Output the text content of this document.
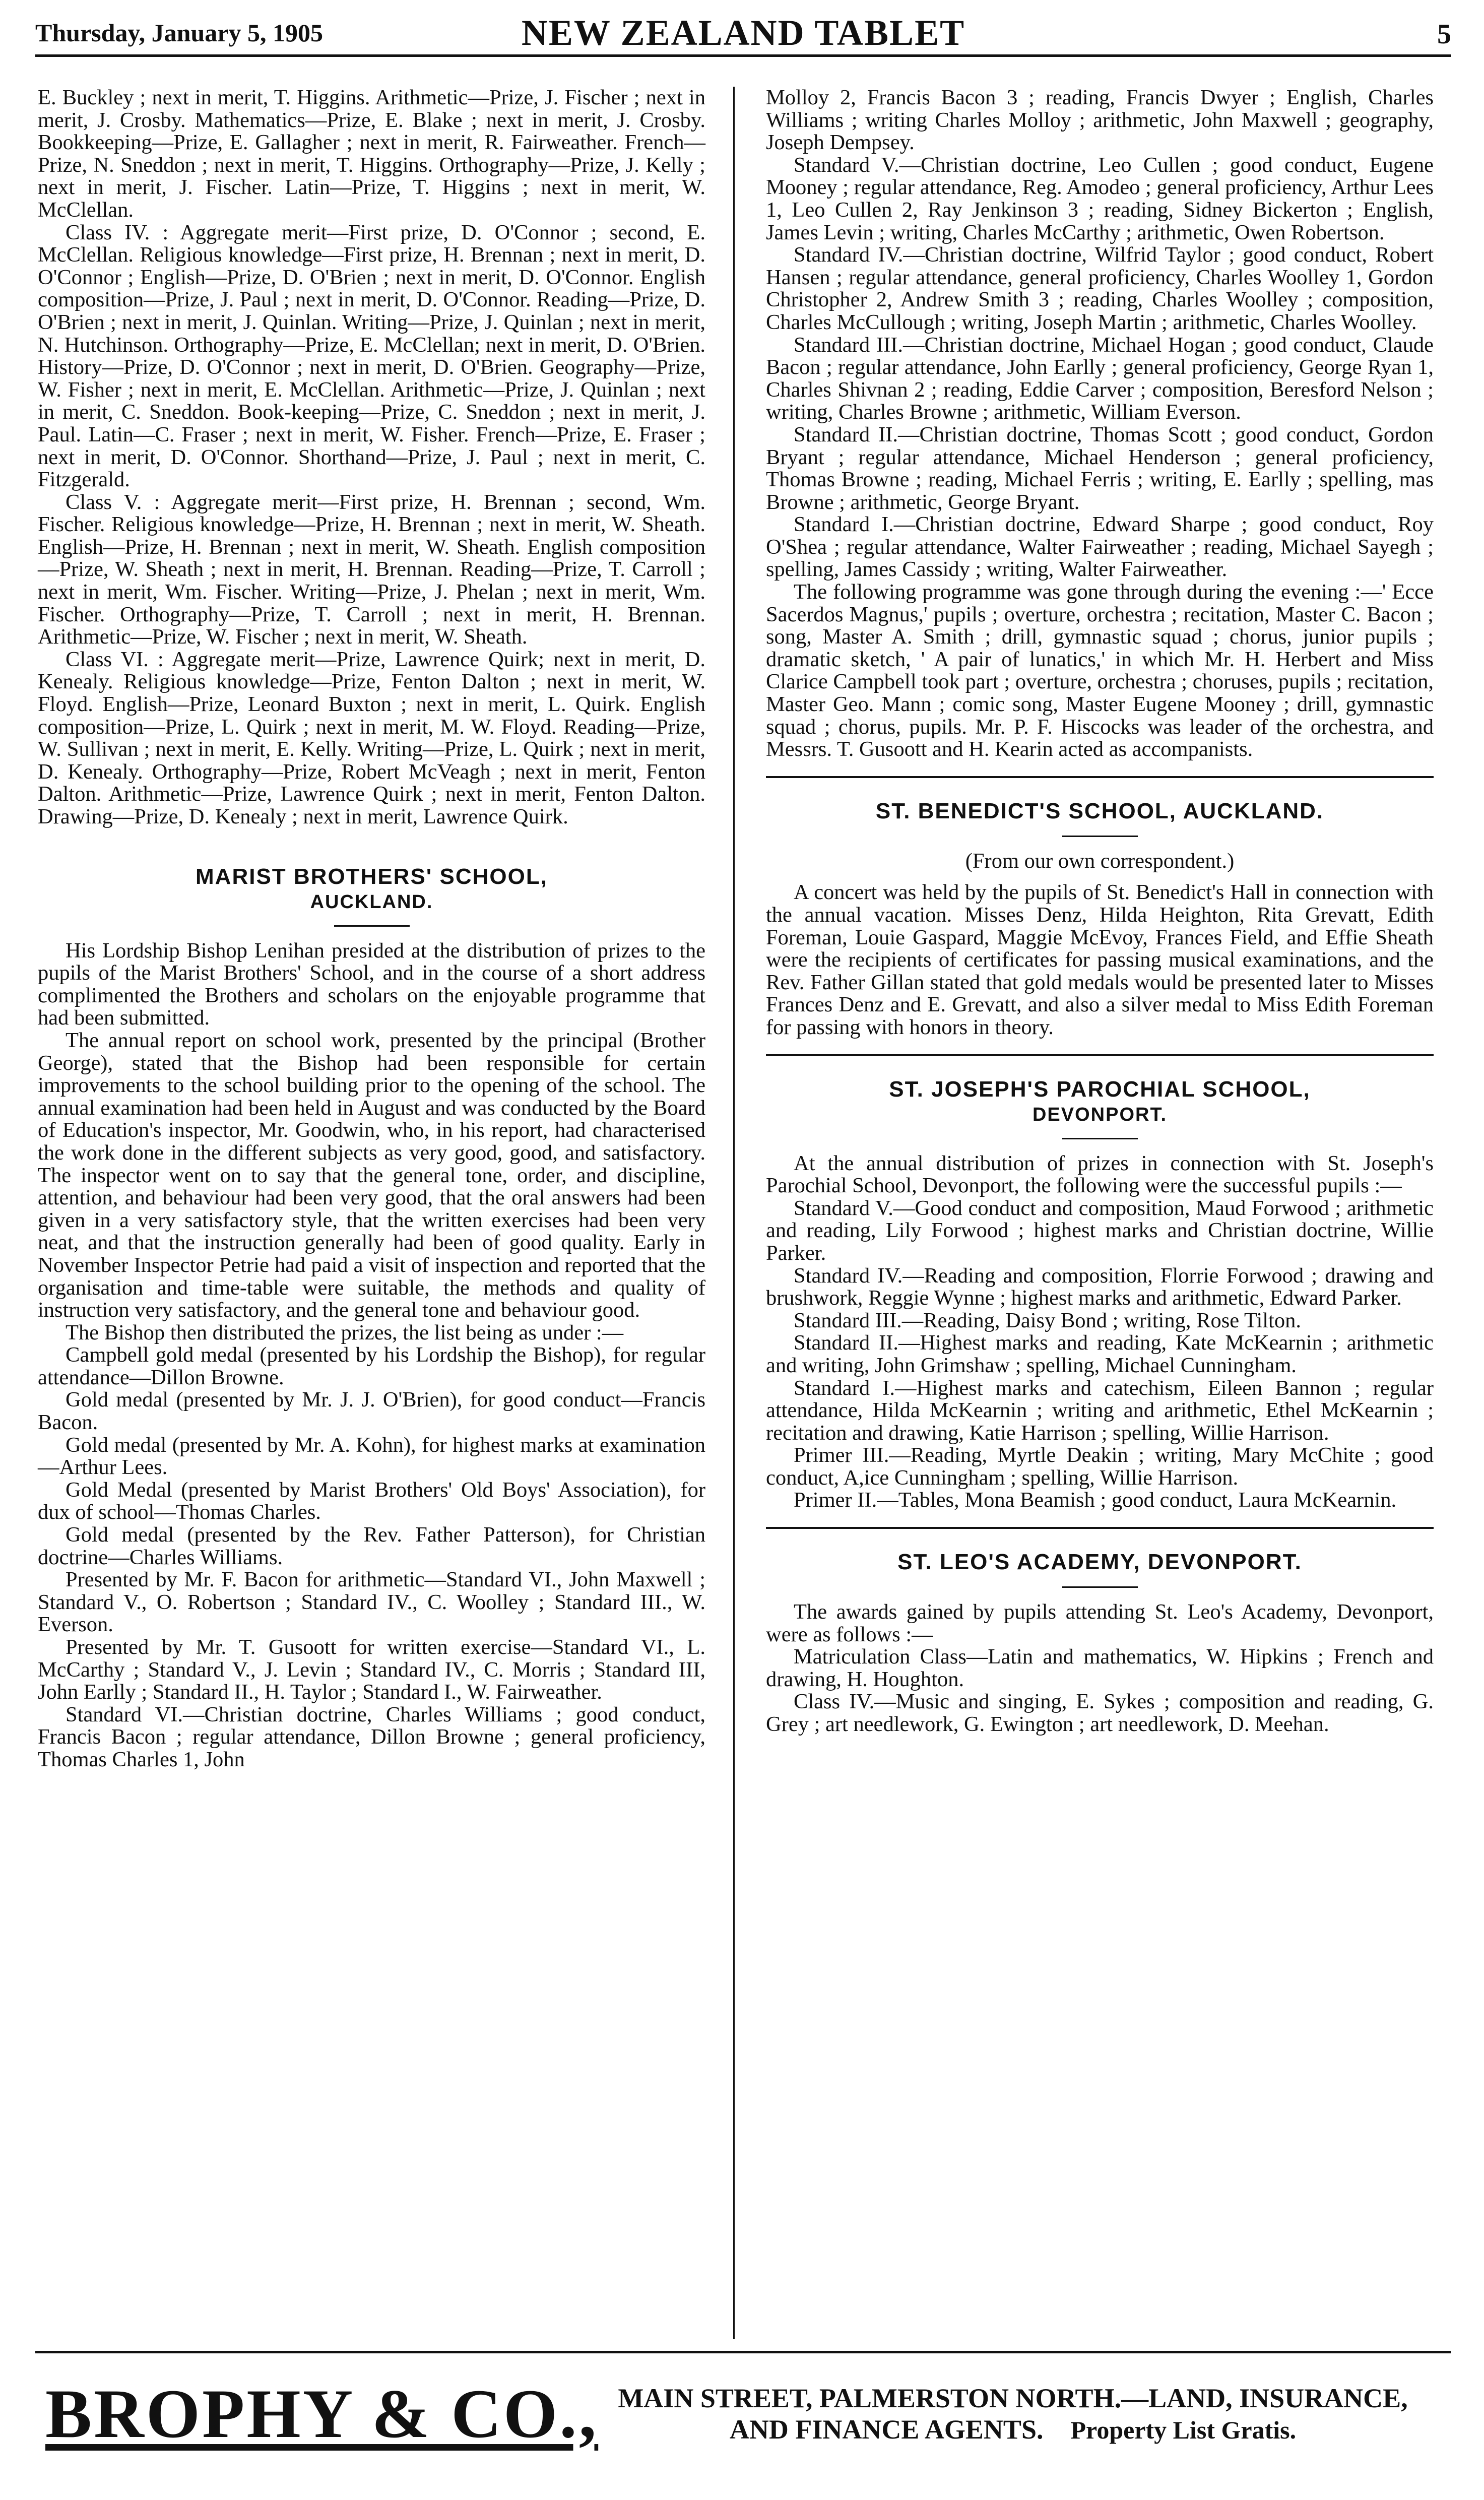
Thursday, January 5, 1905	NEW ZEALAND TABLET	5

E. Buckley ; next in merit, T. Higgins. Arithmetic—Prize, J. Fischer ; next in merit, J. Crosby. Mathematics—Prize, E. Blake ; next in merit, J. Crosby. Bookkeeping—Prize, E. Gallagher ; next in merit, R. Fairweather. French—Prize, N. Sneddon ; next in merit, T. Higgins. Orthography—Prize, J. Kelly ; next in merit, J. Fischer. Latin—Prize, T. Higgins ; next in merit, W. McClellan.

Class IV. : Aggregate merit—First prize, D. O'Connor ; second, E. McClellan. Religious knowledge—First prize, H. Brennan ; next in merit, D. O'Connor ; English—Prize, D. O'Brien ; next in merit, D. O'Connor. English composition—Prize, J. Paul ; next in merit, D. O'Connor. Reading—Prize, D. O'Brien ; next in merit, J. Quinlan. Writing—Prize, J. Quinlan ; next in merit, N. Hutchinson. Orthography—Prize, E. McClellan; next in merit, D. O'Brien. History—Prize, D. O'Connor ; next in merit, D. O'Brien. Geography—Prize, W. Fisher ; next in merit, E. McClellan. Arithmetic—Prize, J. Quinlan ; next in merit, C. Sneddon. Book-keeping—Prize, C. Sneddon ; next in merit, J. Paul. Latin—C. Fraser ; next in merit, W. Fisher. French—Prize, E. Fraser ; next in merit, D. O'Connor. Shorthand—Prize, J. Paul ; next in merit, C. Fitzgerald.

Class V. : Aggregate merit—First prize, H. Brennan ; second, Wm. Fischer. Religious knowledge—Prize, H. Brennan ; next in merit, W. Sheath. English—Prize, H. Brennan ; next in merit, W. Sheath. English composition—Prize, W. Sheath ; next in merit, H. Brennan. Reading—Prize, T. Carroll ; next in merit, Wm. Fischer. Writing—Prize, J. Phelan ; next in merit, Wm. Fischer. Orthography—Prize, T. Carroll ; next in merit, H. Brennan. Arithmetic—Prize, W. Fischer ; next in merit, W. Sheath.

Class VI. : Aggregate merit—Prize, Lawrence Quirk; next in merit, D. Kenealy. Religious knowledge—Prize, Fenton Dalton ; next in merit, W. Floyd. English—Prize, Leonard Buxton ; next in merit, L. Quirk. English composition—Prize, L. Quirk ; next in merit, M. W. Floyd. Reading—Prize, W. Sullivan ; next in merit, E. Kelly. Writing—Prize, L. Quirk ; next in merit, D. Kenealy. Orthography—Prize, Robert McVeagh ; next in merit, Fenton Dalton. Arithmetic—Prize, Lawrence Quirk ; next in merit, Fenton Dalton. Drawing—Prize, D. Kenealy ; next in merit, Lawrence Quirk.

MARIST BROTHERS' SCHOOL,
AUCKLAND.

His Lordship Bishop Lenihan presided at the distribution of prizes to the pupils of the Marist Brothers' School, and in the course of a short address complimented the Brothers and scholars on the enjoyable programme that had been submitted.

The annual report on school work, presented by the principal (Brother George), stated that the Bishop had been responsible for certain improvements to the school building prior to the opening of the school. The annual examination had been held in August and was conducted by the Board of Education's inspector, Mr. Goodwin, who, in his report, had characterised the work done in the different subjects as very good, good, and satisfactory. The inspector went on to say that the general tone, order, and discipline, attention, and behaviour had been very good, that the oral answers had been given in a very satisfactory style, that the written exercises had been very neat, and that the instruction generally had been of good quality. Early in November Inspector Petrie had paid a visit of inspection and reported that the organisation and time-table were suitable, the methods and quality of instruction very satisfactory, and the general tone and behaviour good.

The Bishop then distributed the prizes, the list being as under :—

Campbell gold medal (presented by his Lordship the Bishop), for regular attendance—Dillon Browne.

Gold medal (presented by Mr. J. J. O'Brien), for good conduct—Francis Bacon.

Gold medal (presented by Mr. A. Kohn), for highest marks at examination—Arthur Lees.

Gold Medal (presented by Marist Brothers' Old Boys' Association), for dux of school—Thomas Charles.

Gold medal (presented by the Rev. Father Patterson), for Christian doctrine—Charles Williams.

Presented by Mr. F. Bacon for arithmetic—Standard VI., John Maxwell ; Standard V., O. Robertson ; Standard IV., C. Woolley ; Standard III., W. Everson.

Presented by Mr. T. Gusoott for written exercise—Standard VI., L. McCarthy ; Standard V., J. Levin ; Standard IV., C. Morris ; Standard III, John Earlly ; Standard II., H. Taylor ; Standard I., W. Fairweather.

Standard VI.—Christian doctrine, Charles Williams ; good conduct, Francis Bacon ; regular attendance, Dillon Browne ; general proficiency, Thomas Charles 1, John

Molloy 2, Francis Bacon 3 ; reading, Francis Dwyer ; English, Charles Williams ; writing Charles Molloy ; arithmetic, John Maxwell ; geography, Joseph Dempsey.

Standard V.—Christian doctrine, Leo Cullen ; good conduct, Eugene Mooney ; regular attendance, Reg. Amodeo ; general proficiency, Arthur Lees 1, Leo Cullen 2, Ray Jenkinson 3 ; reading, Sidney Bickerton ; English, James Levin ; writing, Charles McCarthy ; arithmetic, Owen Robertson.

Standard IV.—Christian doctrine, Wilfrid Taylor ; good conduct, Robert Hansen ; regular attendance, general proficiency, Charles Woolley 1, Gordon Christopher 2, Andrew Smith 3 ; reading, Charles Woolley ; composition, Charles McCullough ; writing, Joseph Martin ; arithmetic, Charles Woolley.

Standard III.—Christian doctrine, Michael Hogan ; good conduct, Claude Bacon ; regular attendance, John Earlly ; general proficiency, George Ryan 1, Charles Shivnan 2 ; reading, Eddie Carver ; composition, Beresford Nelson ; writing, Charles Browne ; arithmetic, William Everson.

Standard II.—Christian doctrine, Thomas Scott ; good conduct, Gordon Bryant ; regular attendance, Michael Henderson ; general proficiency, Thomas Browne ; reading, Michael Ferris ; writing, E. Earlly ; spelling, mas Browne ; arithmetic, George Bryant.

Standard I.—Christian doctrine, Edward Sharpe ; good conduct, Roy O'Shea ; regular attendance, Walter Fairweather ; reading, Michael Sayegh ; spelling, James Cassidy ; writing, Walter Fairweather.

The following programme was gone through during the evening :—' Ecce Sacerdos Magnus,' pupils ; overture, orchestra ; recitation, Master C. Bacon ; song, Master A. Smith ; drill, gymnastic squad ; chorus, junior pupils ; dramatic sketch, ' A pair of lunatics,' in which Mr. H. Herbert and Miss Clarice Campbell took part ; overture, orchestra ; choruses, pupils ; recitation, Master Geo. Mann ; comic song, Master Eugene Mooney ; drill, gymnastic squad ; chorus, pupils. Mr. P. F. Hiscocks was leader of the orchestra, and Messrs. T. Gusoott and H. Kearin acted as accompanists.

ST. BENEDICT'S SCHOOL, AUCKLAND.
(From our own correspondent.)

A concert was held by the pupils of St. Benedict's Hall in connection with the annual vacation. Misses Denz, Hilda Heighton, Rita Grevatt, Edith Foreman, Louie Gaspard, Maggie McEvoy, Frances Field, and Effie Sheath were the recipients of certificates for passing musical examinations, and the Rev. Father Gillan stated that gold medals would be presented later to Misses Frances Denz and E. Grevatt, and also a silver medal to Miss Edith Foreman for passing with honors in theory.

ST. JOSEPH'S PAROCHIAL SCHOOL,
DEVONPORT.

At the annual distribution of prizes in connection with St. Joseph's Parochial School, Devonport, the following were the successful pupils :—

Standard V.—Good conduct and composition, Maud Forwood ; arithmetic and reading, Lily Forwood ; highest marks and Christian doctrine, Willie Parker.

Standard IV.—Reading and composition, Florrie Forwood ; drawing and brushwork, Reggie Wynne ; highest marks and arithmetic, Edward Parker.

Standard III.—Reading, Daisy Bond ; writing, Rose Tilton.

Standard II.—Highest marks and reading, Kate McKearnin ; arithmetic and writing, John Grimshaw ; spelling, Michael Cunningham.

Standard I.—Highest marks and catechism, Eileen Bannon ; regular attendance, Hilda McKearnin ; writing and arithmetic, Ethel McKearnin ; recitation and drawing, Katie Harrison ; spelling, Willie Harrison.

Primer III.—Reading, Myrtle Deakin ; writing, Mary McChite ; good conduct, A,ice Cunningham ; spelling, Willie Harrison.

Primer II.—Tables, Mona Beamish ; good conduct, Laura McKearnin.

ST. LEO'S ACADEMY, DEVONPORT.

The awards gained by pupils attending St. Leo's Academy, Devonport, were as follows :—

Matriculation Class—Latin and mathematics, W. Hipkins ; French and drawing, H. Houghton.

Class IV.—Music and singing, E. Sykes ; composition and reading, G. Grey ; art needlework, G. Ewington ; art needlework, D. Meehan.

BROPHY & CO., MAIN STREET, PALMERSTON NORTH.—LAND, INSURANCE,
AND FINANCE AGENTS. Property List Gratis.
